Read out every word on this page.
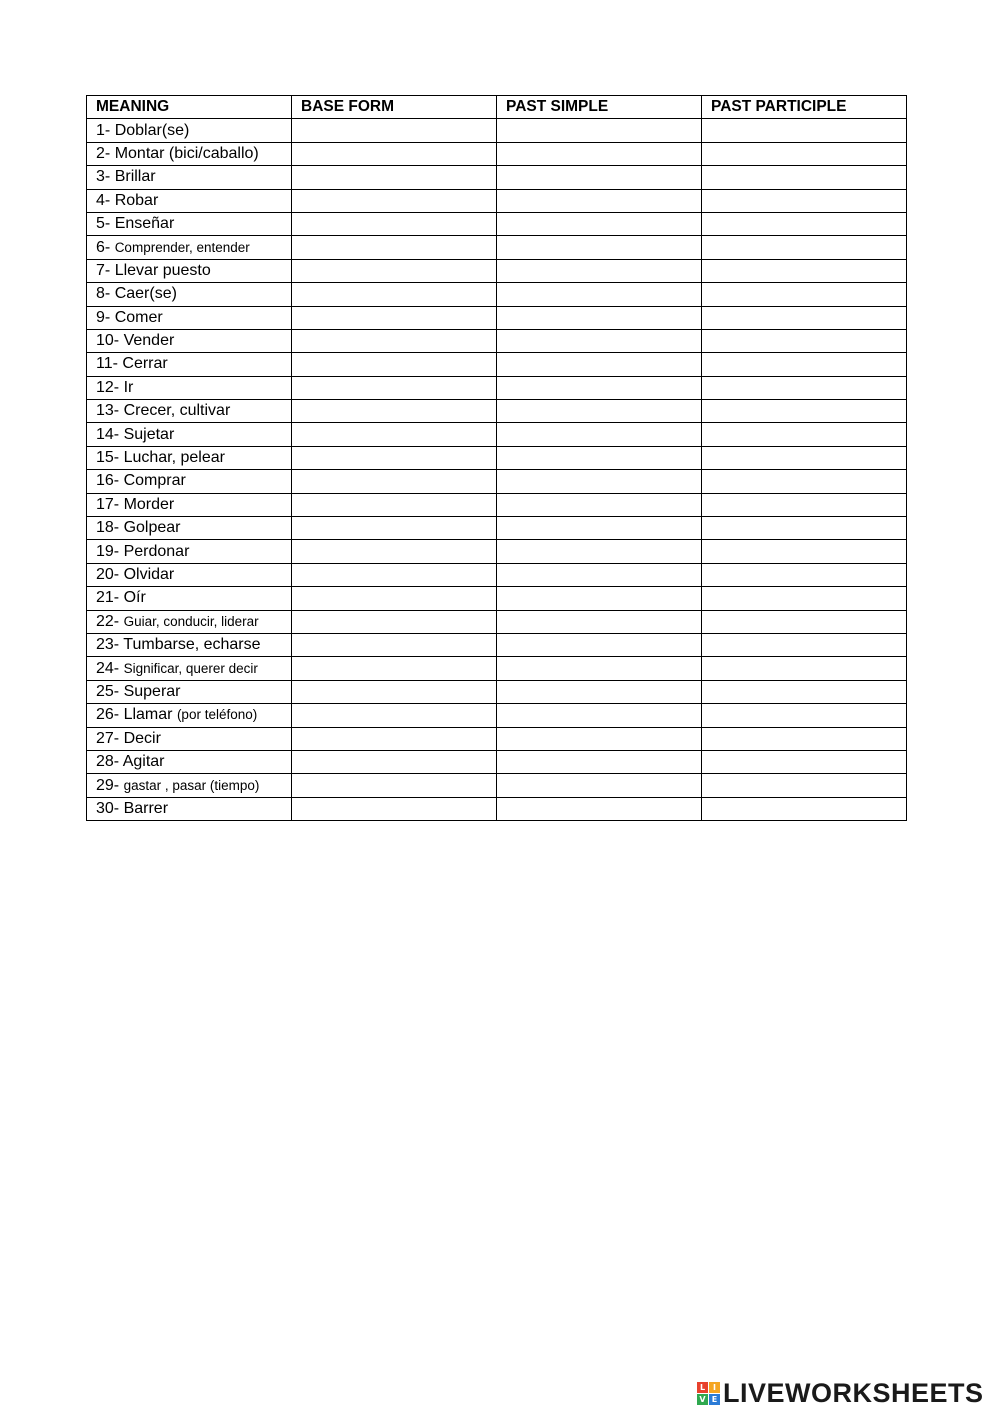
MEANING	BASE FORM	PAST SIMPLE	PAST PARTICIPLE
1- Doblar(se)			
2- Montar (bici/caballo)			
3- Brillar			
4- Robar			
5- Enseñar			
6- Comprender, entender			
7- Llevar puesto			
8- Caer(se)			
9- Comer			
10- Vender			
11- Cerrar			
12- Ir			
13- Crecer, cultivar			
14- Sujetar			
15- Luchar, pelear			
16- Comprar			
17- Morder			
18- Golpear			
19- Perdonar			
20- Olvidar			
21- Oír			
22- Guiar, conducir, liderar			
23- Tumbarse, echarse			
24- Significar, querer decir			
25- Superar			
26- Llamar (por teléfono)			
27- Decir			
28- Agitar			
29- gastar , pasar (tiempo)			
30- Barrer			
L I
V E LIVEWORKSHEETS
